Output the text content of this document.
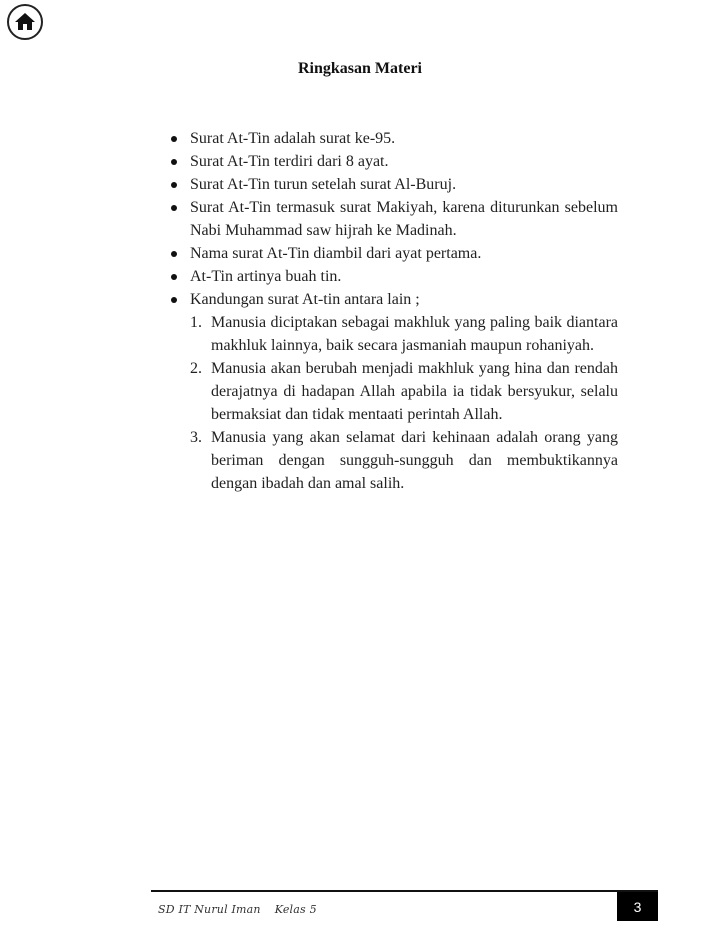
Ringkasan Materi
Surat At-Tin adalah surat ke-95.
Surat At-Tin terdiri dari 8 ayat.
Surat At-Tin turun setelah surat Al-Buruj.
Surat At-Tin termasuk surat Makiyah, karena diturunkan sebelum Nabi Muhammad saw hijrah ke Madinah.
Nama surat At-Tin diambil dari ayat pertama.
At-Tin artinya buah tin.
Kandungan surat At-tin antara lain ;
1. Manusia diciptakan sebagai makhluk yang paling baik diantara makhluk lainnya, baik secara jasmaniah maupun rohaniyah.
2. Manusia akan berubah menjadi makhluk yang hina dan rendah derajatnya di hadapan Allah apabila ia tidak bersyukur, selalu bermaksiat dan tidak mentaati perintah Allah.
3. Manusia yang akan selamat dari kehinaan adalah orang yang beriman dengan sungguh-sungguh dan membuktikannya dengan ibadah dan amal salih.
SD IT Nurul Iman Kelas 5	3
